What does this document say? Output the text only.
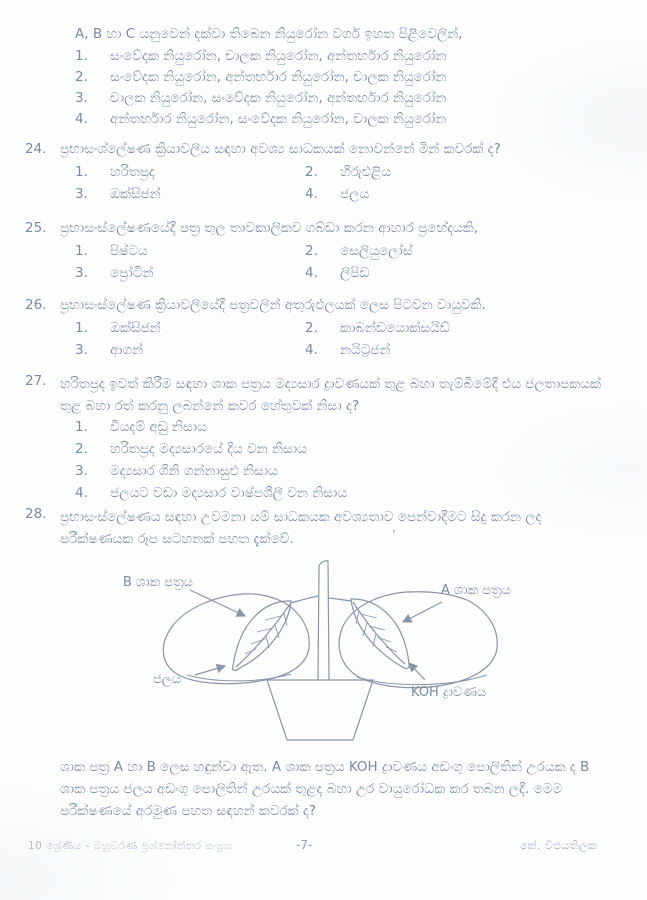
A, B හා C යනුවෙන් දක්වා තිබෙන නියුරෝන වර්ග ඉහත පිළිවෙලින්,
1. සංවේදක නියුරෝන, චාලක නියුරෝන, අන්තර්භාර නියුරෝන
2. සංවේදක නියුරෝන, අන්තර්භාර නියුරෝන, චාලක නියුරෝන
3. චාලක නියුරෝන, සංවේදක නියුරෝන, අන්තර්භාර නියුරෝන
4. අන්තර්භාර නියුරෝන, සංවේදක නියුරෝන, චාලක නියුරෝන
24. ප්‍රභාසංශ්ලේෂණ ක්‍රියාවලිය සඳහා අවශ්‍ය සාධකයක් නොවන්නේ මින් කවරක් ද?
1. හරිතප්‍රද	2. හිරුඑළිය
3. ඔක්සිජන්	4. ජලය
25. ප්‍රභාසංස්ලේෂණයේදී පත්‍ර තුල තාවකාලිකව ගබ්ඩා කරන ආහාර ප්‍රභේදයකි,
1. පිෂ්ටය	2. සෙලියුලෝස්
3. ප්‍රෝටීන්	4. ලිපිඩ
26. ප්‍රභාසංස්ලේෂණ ක්‍රියාවලියේදී පත්‍රවලින් අතුරුඵලයක් ලෙස පිටවන වායුවකි.
1. ඔක්සිජන්	2. කාබන්ඩයොක්සයිඩ්
3. ආගන්	4. නයිට්‍රජන්
27. හරිතප්‍රද ඉවත් කිරීම සඳහා ශාක පත්‍රය මද්‍යසාර ද්‍රාවණයක් තුළ බහා තැම්බීමේදී එය ජලතාපකයක් තුළ බහා රත් කරනු ලබන්නේ කවර හේතුවක් නිසා ද?
1. වියදම් අඩු නිසාය
2. හරිතප්‍රද මද්‍යසාරයේ දිය වන නිසාය
3. මද්‍යසාර ගිනි ගන්නාසුළු නිසාය
4. ජලයට වඩා මද්‍යසාර වාෂ්පශීලී වන නිසාය
28. ප්‍රභාසංස්ලේෂණය සඳහා උවමනා යම් සාධකයක අවශ්‍යතාව පෙන්වාදීමට සිදු කරන ලද පරීක්ෂණයක රූප සටහනක් පහත දැක්වේ.	’
B ශාක පත්‍රය
A ශාක පත්‍රය
ජලය
KOH ද්‍රාවණය
ශාක පත්‍ර A හා B ලෙස හඳුන්වා ඇත. A ශාක පත්‍රය KOH ද්‍රාවණය අඩංගු පොලිතින් උරයක ද B ශාක පත්‍රය ජලය අඩංගු පොලිතින් උරයක් තුළද බහා උර වායුරෝධක කර තබන ලදී. මෙම පරීක්ෂණයේ අරමුණ පහත සඳහන් කවරක් ද?
10 ශ්‍රේණිය - බහුවරණ ප්‍රශ්නෝත්තර සංග්‍රහ	-7-	කේ. විජයතිලක
